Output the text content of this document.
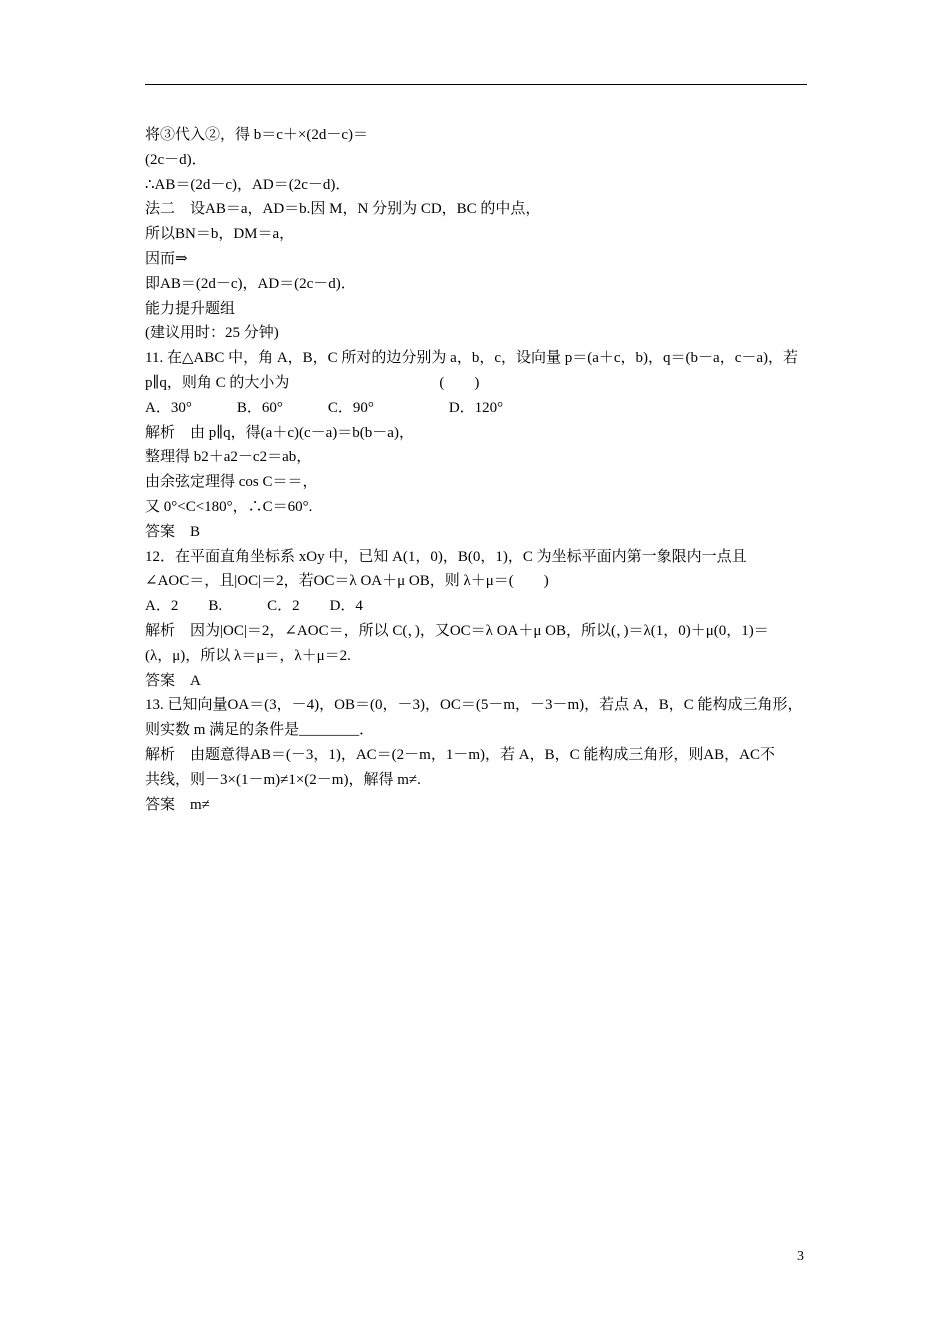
将③代入②，得 b＝c＋×(2d－c)＝
(2c－d)．
∴AB＝(2d－c)，AD＝(2c－d)．
法二　设AB＝a，AD＝b.因 M，N 分别为 CD，BC 的中点，
所以BN＝b，DM＝a，
因而⇒
即AB＝(2d－c)，AD＝(2c－d)．
能力提升题组
(建议用时：25 分钟)
11. 在△ABC 中，角 A，B，C 所对的边分别为 a，b，c，设向量 p＝(a＋c，b)，q＝(b－a，c－a)，若
p∥q，则角 C 的大小为　　　　　　　　　　(　　)
A．30°　　　B．60°　　　C．90°　　　　　D．120°
解析　由 p∥q，得(a＋c)(c－a)＝b(b－a)，
整理得 b2＋a2－c2＝ab，
由余弦定理得 cos C＝＝，
又 0°<C<180°，∴C＝60°.
答案　B
12．在平面直角坐标系 xOy 中，已知 A(1，0)，B(0，1)，C 为坐标平面内第一象限内一点且
∠AOC＝，且|OC|＝2，若OC＝λ OA＋μ OB，则 λ＋μ＝(　　)
A．2　　B.　　　C．2　　D．4
解析　因为|OC|＝2，∠AOC＝，所以 C(，)，又OC＝λ OA＋μ OB，所以(，)＝λ(1，0)＋μ(0，1)＝
(λ，μ)，所以 λ＝μ＝，λ＋μ＝2.
答案　A
13. 已知向量OA＝(3，－4)，OB＝(0，－3)，OC＝(5－m，－3－m)，若点 A，B，C 能构成三角形，
则实数 m 满足的条件是________．
解析　由题意得AB＝(－3，1)，AC＝(2－m，1－m)，若 A，B，C 能构成三角形，则AB，AC不
共线，则－3×(1－m)≠1×(2－m)，解得 m≠.
答案　m≠
3
